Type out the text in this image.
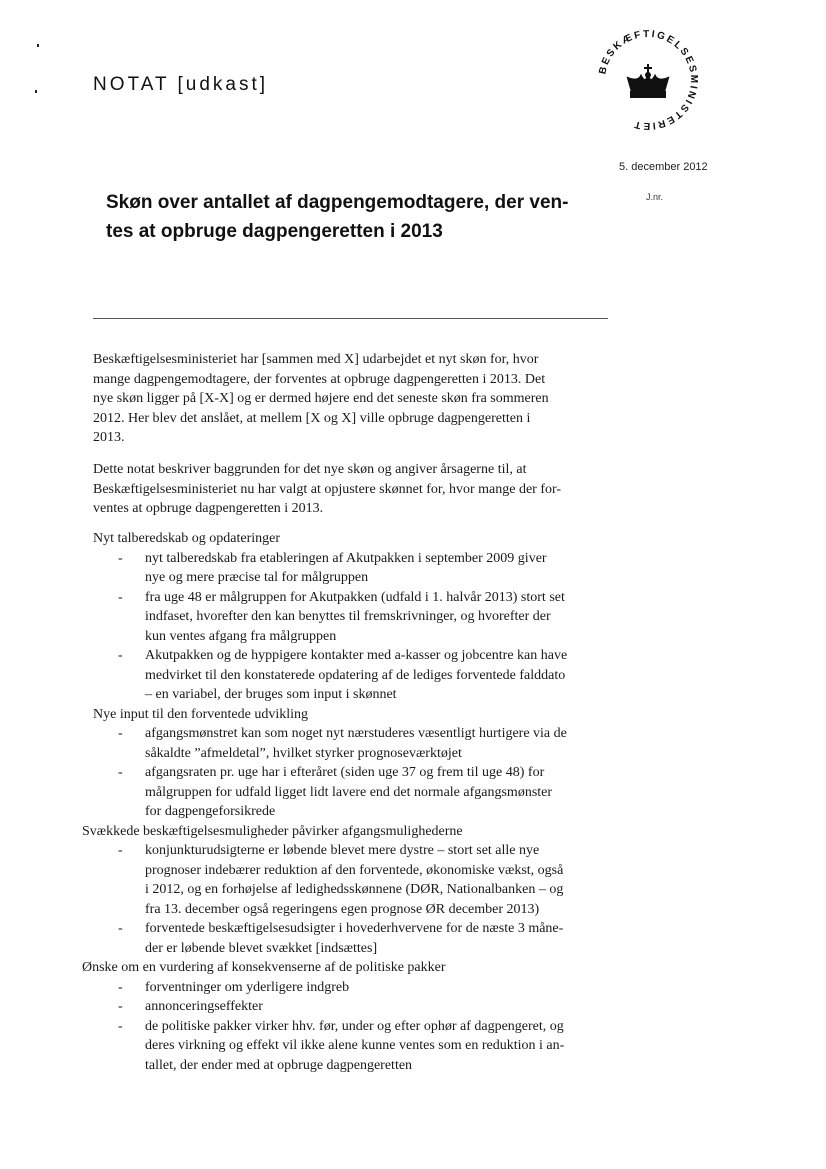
NOTAT [udkast]
BESKÆFTIGELSESMINISTERIET
5. december 2012
J.nr.
Skøn over antallet af dagpengemodtagere, der ven-
tes at opbruge dagpengeretten i 2013
Beskæftigelsesministeriet har [sammen med X] udarbejdet et nyt skøn for, hvor
mange dagpengemodtagere, der forventes at opbruge dagpengeretten i 2013. Det
nye skøn ligger på [X-X] og er dermed højere end det seneste skøn fra sommeren
2012. Her blev det anslået, at mellem [X og X] ville opbruge dagpengeretten i
2013.
Dette notat beskriver baggrunden for det nye skøn og angiver årsagerne til, at
Beskæftigelsesministeriet nu har valgt at opjustere skønnet for, hvor mange der for-
ventes at opbruge dagpengeretten i 2013.
Nyt talberedskab og opdateringer
- nyt talberedskab fra etableringen af Akutpakken i september 2009 giver
nye og mere præcise tal for målgruppen
- fra uge 48 er målgruppen for Akutpakken (udfald i 1. halvår 2013) stort set
indfaset, hvorefter den kan benyttes til fremskrivninger, og hvorefter der
kun ventes afgang fra målgruppen
- Akutpakken og de hyppigere kontakter med a-kasser og jobcentre kan have
medvirket til den konstaterede opdatering af de lediges forventede falddato
– en variabel, der bruges som input i skønnet
Nye input til den forventede udvikling
- afgangsmønstret kan som noget nyt nærstuderes væsentligt hurtigere via de
såkaldte ”afmeldetal”, hvilket styrker prognoseværktøjet
- afgangsraten pr. uge har i efteråret (siden uge 37 og frem til uge 48) for
målgruppen for udfald ligget lidt lavere end det normale afgangsmønster
for dagpengeforsikrede
Svækkede beskæftigelsesmuligheder påvirker afgangsmulighederne
- konjunkturudsigterne er løbende blevet mere dystre – stort set alle nye
prognoser indebærer reduktion af den forventede, økonomiske vækst, også
i 2012, og en forhøjelse af ledighedsskønnene (DØR, Nationalbanken – og
fra 13. december også regeringens egen prognose ØR december 2013)
- forventede beskæftigelsesudsigter i hovederhvervene for de næste 3 måne-
der er løbende blevet svækket [indsættes]
Ønske om en vurdering af konsekvenserne af de politiske pakker
- forventninger om yderligere indgreb
- annonceringseffekter
- de politiske pakker virker hhv. før, under og efter ophør af dagpengeret, og
deres virkning og effekt vil ikke alene kunne ventes som en reduktion i an-
tallet, der ender med at opbruge dagpengeretten
